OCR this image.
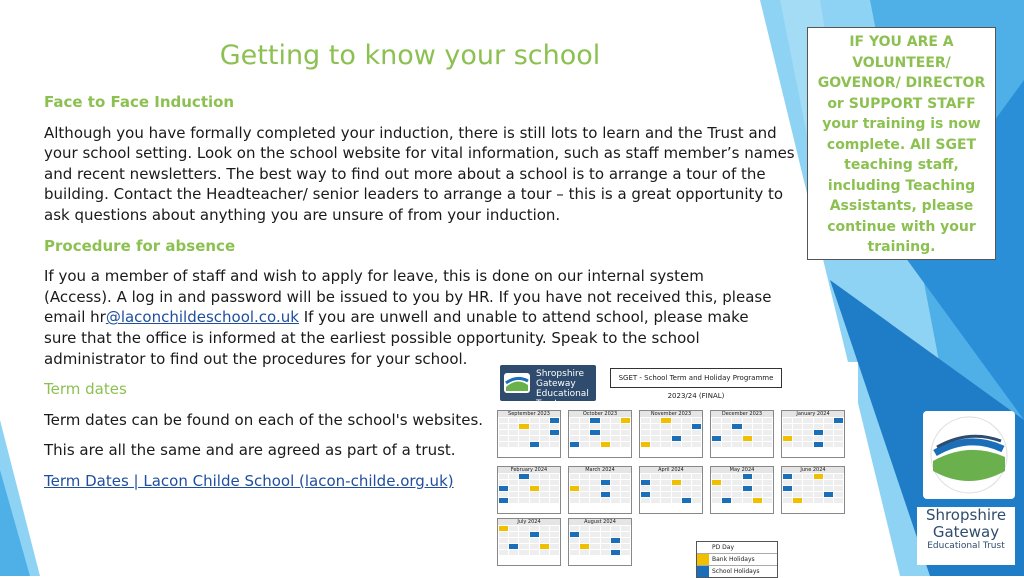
Getting to know your school

Face to Face Induction

Although you have formally completed your induction, there is still lots to learn and the Trust and your school setting. Look on the school website for vital information, such as staff member’s names and recent newsletters. The best way to find out more about a school is to arrange a tour of the building. Contact the Headteacher/ senior leaders to arrange a tour – this is a great opportunity to ask questions about anything you are unsure of from your induction.

Procedure for absence

If you a member of staff and wish to apply for leave, this is done on our internal system (Access). A log in and password will be issued to you by HR. If you have not received this, please email hr@laconchildeschool.co.uk If you are unwell and unable to attend school, please make sure that the office is informed at the earliest possible opportunity. Speak to the school administrator to find out the procedures for your school.

Term dates

Term dates can be found on each of the school's websites.

This are all the same and are agreed as part of a trust.

Term Dates | Lacon Childe School (lacon-childe.org.uk)

IF YOU ARE A VOLUNTEER/ GOVENOR/ DIRECTOR or SUPPORT STAFF your training is now complete. All SGET teaching staff, including Teaching Assistants, please continue with your training.
Shropshire Gateway Educational Trust
SGET - School Term and Holiday Programme 2023/24 (FINAL)
September 2023	October 2023	November 2023	December 2023	January 2024
February 2024	March 2024	April 2024	May 2024	June 2024
July 2024	August 2024
PD Day
Bank Holidays
School Holidays
Shropshire
Gateway
Educational Trust
